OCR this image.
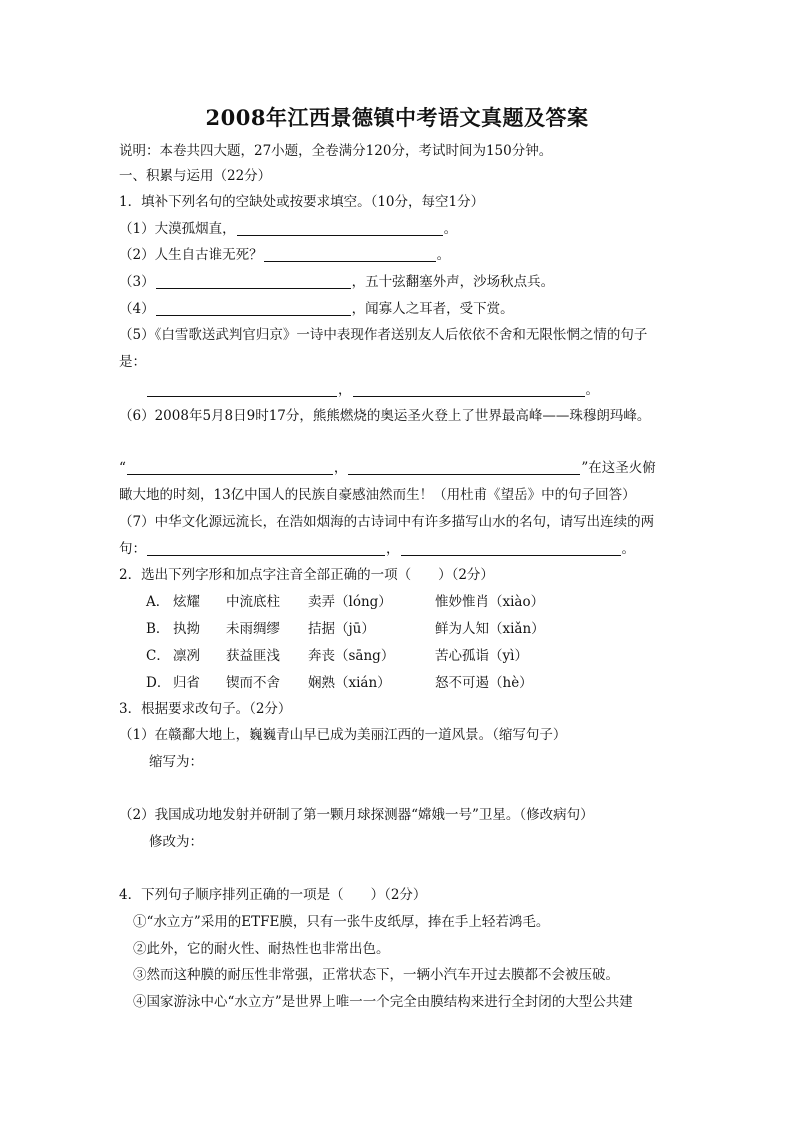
2008年江西景德镇中考语文真题及答案
说明：本卷共四大题，27小题，全卷满分120分，考试时间为150分钟。
一、积累与运用（22分）
1．填补下列名句的空缺处或按要求填空。（10分，每空1分）
（1）大漠孤烟直，	。
（2）人生自古谁无死？	。
（3）	，五十弦翻塞外声，沙场秋点兵。
（4）	，闻寡人之耳者，受下赏。
（5）《白雪歌送武判官归京》一诗中表现作者送别友人后依依不舍和无限怅惘之情的句子
是：
，	。
（6）2008年5月8日9时17分，熊熊燃烧的奥运圣火登上了世界最高峰——珠穆朗玛峰。
“	，	”在这圣火俯
瞰大地的时刻，13亿中国人的民族自豪感油然而生！（用杜甫《望岳》中的句子回答）
（7）中华文化源远流长，在浩如烟海的古诗词中有许多描写山水的名句，请写出连续的两
句：	，	。
2．选出下列字形和加点字注音全部正确的一项（　　）（2分）
A． 炫耀 中流底柱 卖弄（lóng）	惟妙惟肖（xiào）
B． 执拗 未雨绸缪 拮据（jū）	鲜为人知（xiǎn）
C． 凛冽 获益匪浅 奔丧（sāng）	苦心孤诣（yì）
D． 归省 锲而不舍 娴熟（xián）	怒不可遏（hè）
3．根据要求改句子。（2分）
（1）在赣鄱大地上，巍巍青山早已成为美丽江西的一道风景。（缩写句子）
缩写为：
（2）我国成功地发射并研制了第一颗月球探测器“嫦娥一号”卫星。（修改病句）
修改为：
4．下列句子顺序排列正确的一项是（　　）（2分）
①“水立方”采用的ETFE膜，只有一张牛皮纸厚，捧在手上轻若鸿毛。
②此外，它的耐火性、耐热性也非常出色。
③然而这种膜的耐压性非常强，正常状态下，一辆小汽车开过去膜都不会被压破。
④国家游泳中心“水立方”是世界上唯一一个完全由膜结构来进行全封闭的大型公共建
